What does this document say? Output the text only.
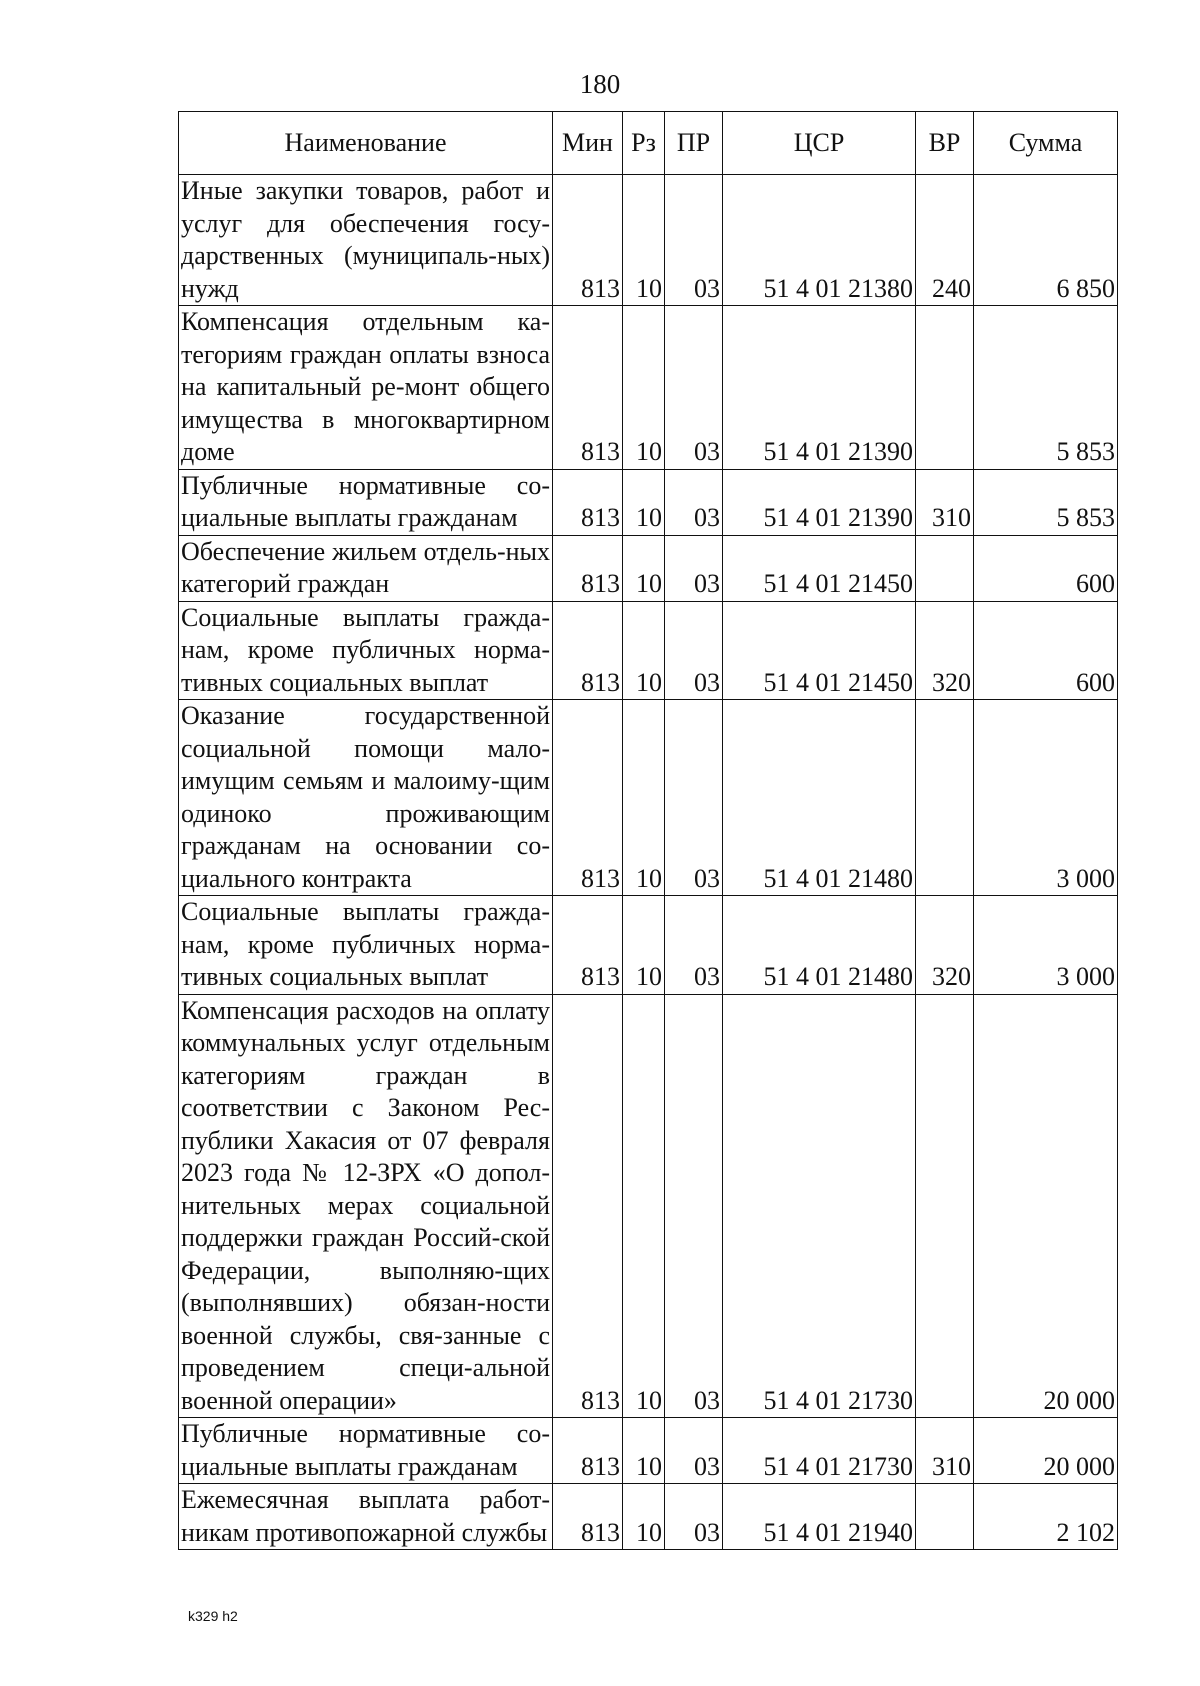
180
Наименование	Мин	Рз	ПР	ЦСР	ВР	Сумма
Иные закупки товаров, работ и услуг для обеспечения госу-дарственных (муниципаль-ных) нужд	813	10	03	51 4 01 21380	240	6 850
Компенсация отдельным ка-тегориям граждан оплаты взноса на капитальный ре-монт общего имущества в многоквартирном доме	813	10	03	51 4 01 21390		5 853
Публичные нормативные со-циальные выплаты гражданам	813	10	03	51 4 01 21390	310	5 853
Обеспечение жильем отдель-ных категорий граждан	813	10	03	51 4 01 21450		600
Социальные выплаты гражда-нам, кроме публичных норма-тивных социальных выплат	813	10	03	51 4 01 21450	320	600
Оказание государственной социальной помощи мало-имущим семьям и малоиму-щим одиноко проживающим гражданам на основании со-циального контракта	813	10	03	51 4 01 21480		3 000
Социальные выплаты гражда-нам, кроме публичных норма-тивных социальных выплат	813	10	03	51 4 01 21480	320	3 000
Компенсация расходов на оплату коммунальных услуг отдельным категориям граждан в соответствии с Законом Рес-публики Хакасия от 07 февраля 2023 года № 12-ЗРХ «О допол-нительных мерах социальной поддержки граждан Россий-ской Федерации, выполняю-щих (выполнявших) обязан-ности военной службы, свя-занные с проведением специ-альной военной операции»	813	10	03	51 4 01 21730		20 000
Публичные нормативные со-циальные выплаты гражданам	813	10	03	51 4 01 21730	310	20 000
Ежемесячная выплата работ-никам противопожарной службы	813	10	03	51 4 01 21940		2 102
k329 h2
